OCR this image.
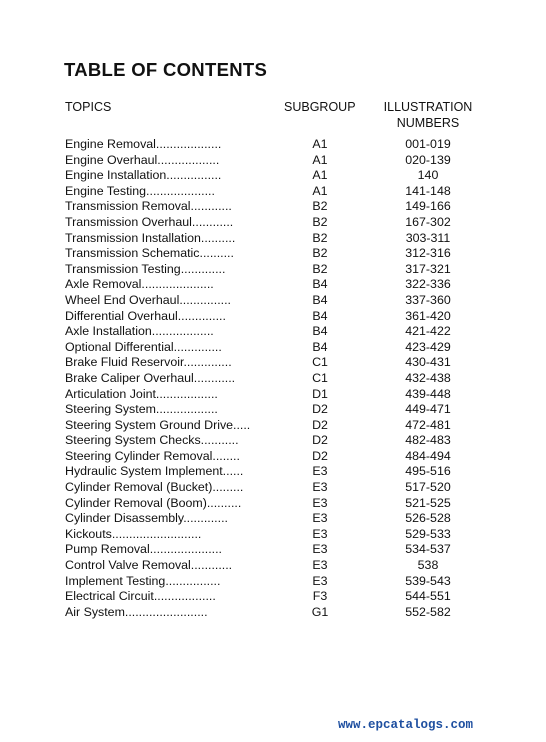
TABLE OF CONTENTS
TOPICS	SUBGROUP ILLUSTRATION
NUMBERS
Engine Removal...................	A1	001-019
Engine Overhaul..................	A1	020-139
Engine Installation................	A1	140
Engine Testing....................	A1	141-148
Transmission Removal............	B2	149-166
Transmission Overhaul............	B2	167-302
Transmission Installation..........	B2	303-311
Transmission Schematic..........	B2	312-316
Transmission Testing.............	B2	317-321
Axle Removal.....................	B4	322-336
Wheel End Overhaul...............	B4	337-360
Differential Overhaul..............	B4	361-420
Axle Installation..................	B4	421-422
Optional Differential..............	B4	423-429
Brake Fluid Reservoir..............	C1	430-431
Brake Caliper Overhaul............	C1	432-438
Articulation Joint..................	D1	439-448
Steering System..................	D2	449-471
Steering System Ground Drive.....	D2	472-481
Steering System Checks...........	D2	482-483
Steering Cylinder Removal........	D2	484-494
Hydraulic System Implement......	E3	495-516
Cylinder Removal (Bucket).........	E3	517-520
Cylinder Removal (Boom)..........	E3	521-525
Cylinder Disassembly.............	E3	526-528
Kickouts..........................	E3	529-533
Pump Removal.....................	E3	534-537
Control Valve Removal............	E3	538
Implement Testing................	E3	539-543
Electrical Circuit..................	F3	544-551
Air System........................	G1	552-582
www.epcatalogs.com
